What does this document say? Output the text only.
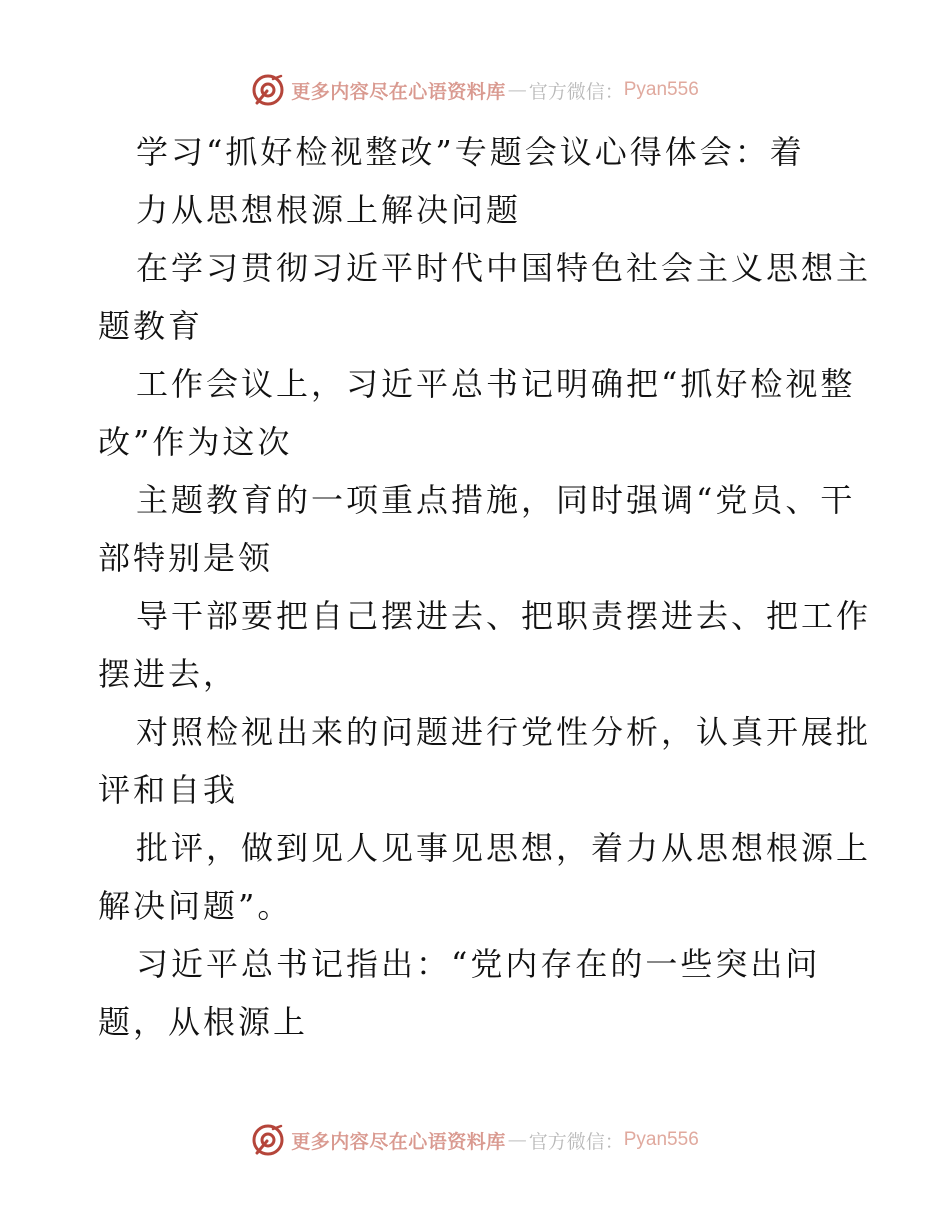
更多内容尽在心语资料库 — 官方微信： Pyan556
学习“抓好检视整改”专题会议心得体会：着
力从思想根源上解决问题
在学习贯彻习近平时代中国特色社会主义思想主
题教育
工作会议上，习近平总书记明确把“抓好检视整
改”作为这次
主题教育的一项重点措施，同时强调“党员、干
部特别是领
导干部要把自己摆进去、把职责摆进去、把工作
摆进去，
对照检视出来的问题进行党性分析，认真开展批
评和自我
批评，做到见人见事见思想，着力从思想根源上
解决问题”。
习近平总书记指出：“党内存在的一些突出问
题，从根源上
更多内容尽在心语资料库 — 官方微信： Pyan556
